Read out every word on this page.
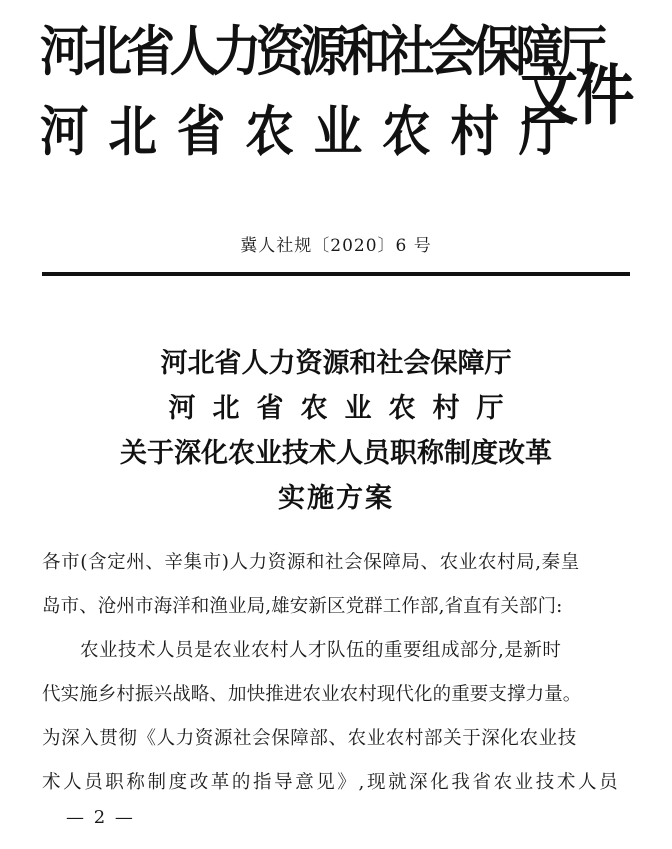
河北省人力资源和社会保障厅
河北省农业农村厅
文件
冀人社规〔2020〕6 号
河北省人力资源和社会保障厅
河北省农业农村厅
关于深化农业技术人员职称制度改革
实施方案
各市(含定州、辛集市)人力资源和社会保障局、农业农村局,秦皇
岛市、沧州市海洋和渔业局,雄安新区党群工作部,省直有关部门:
农业技术人员是农业农村人才队伍的重要组成部分,是新时
代实施乡村振兴战略、加快推进农业农村现代化的重要支撑力量。
为深入贯彻《人力资源社会保障部、农业农村部关于深化农业技
术人员职称制度改革的指导意见》,现就深化我省农业技术人员
— 2 —
